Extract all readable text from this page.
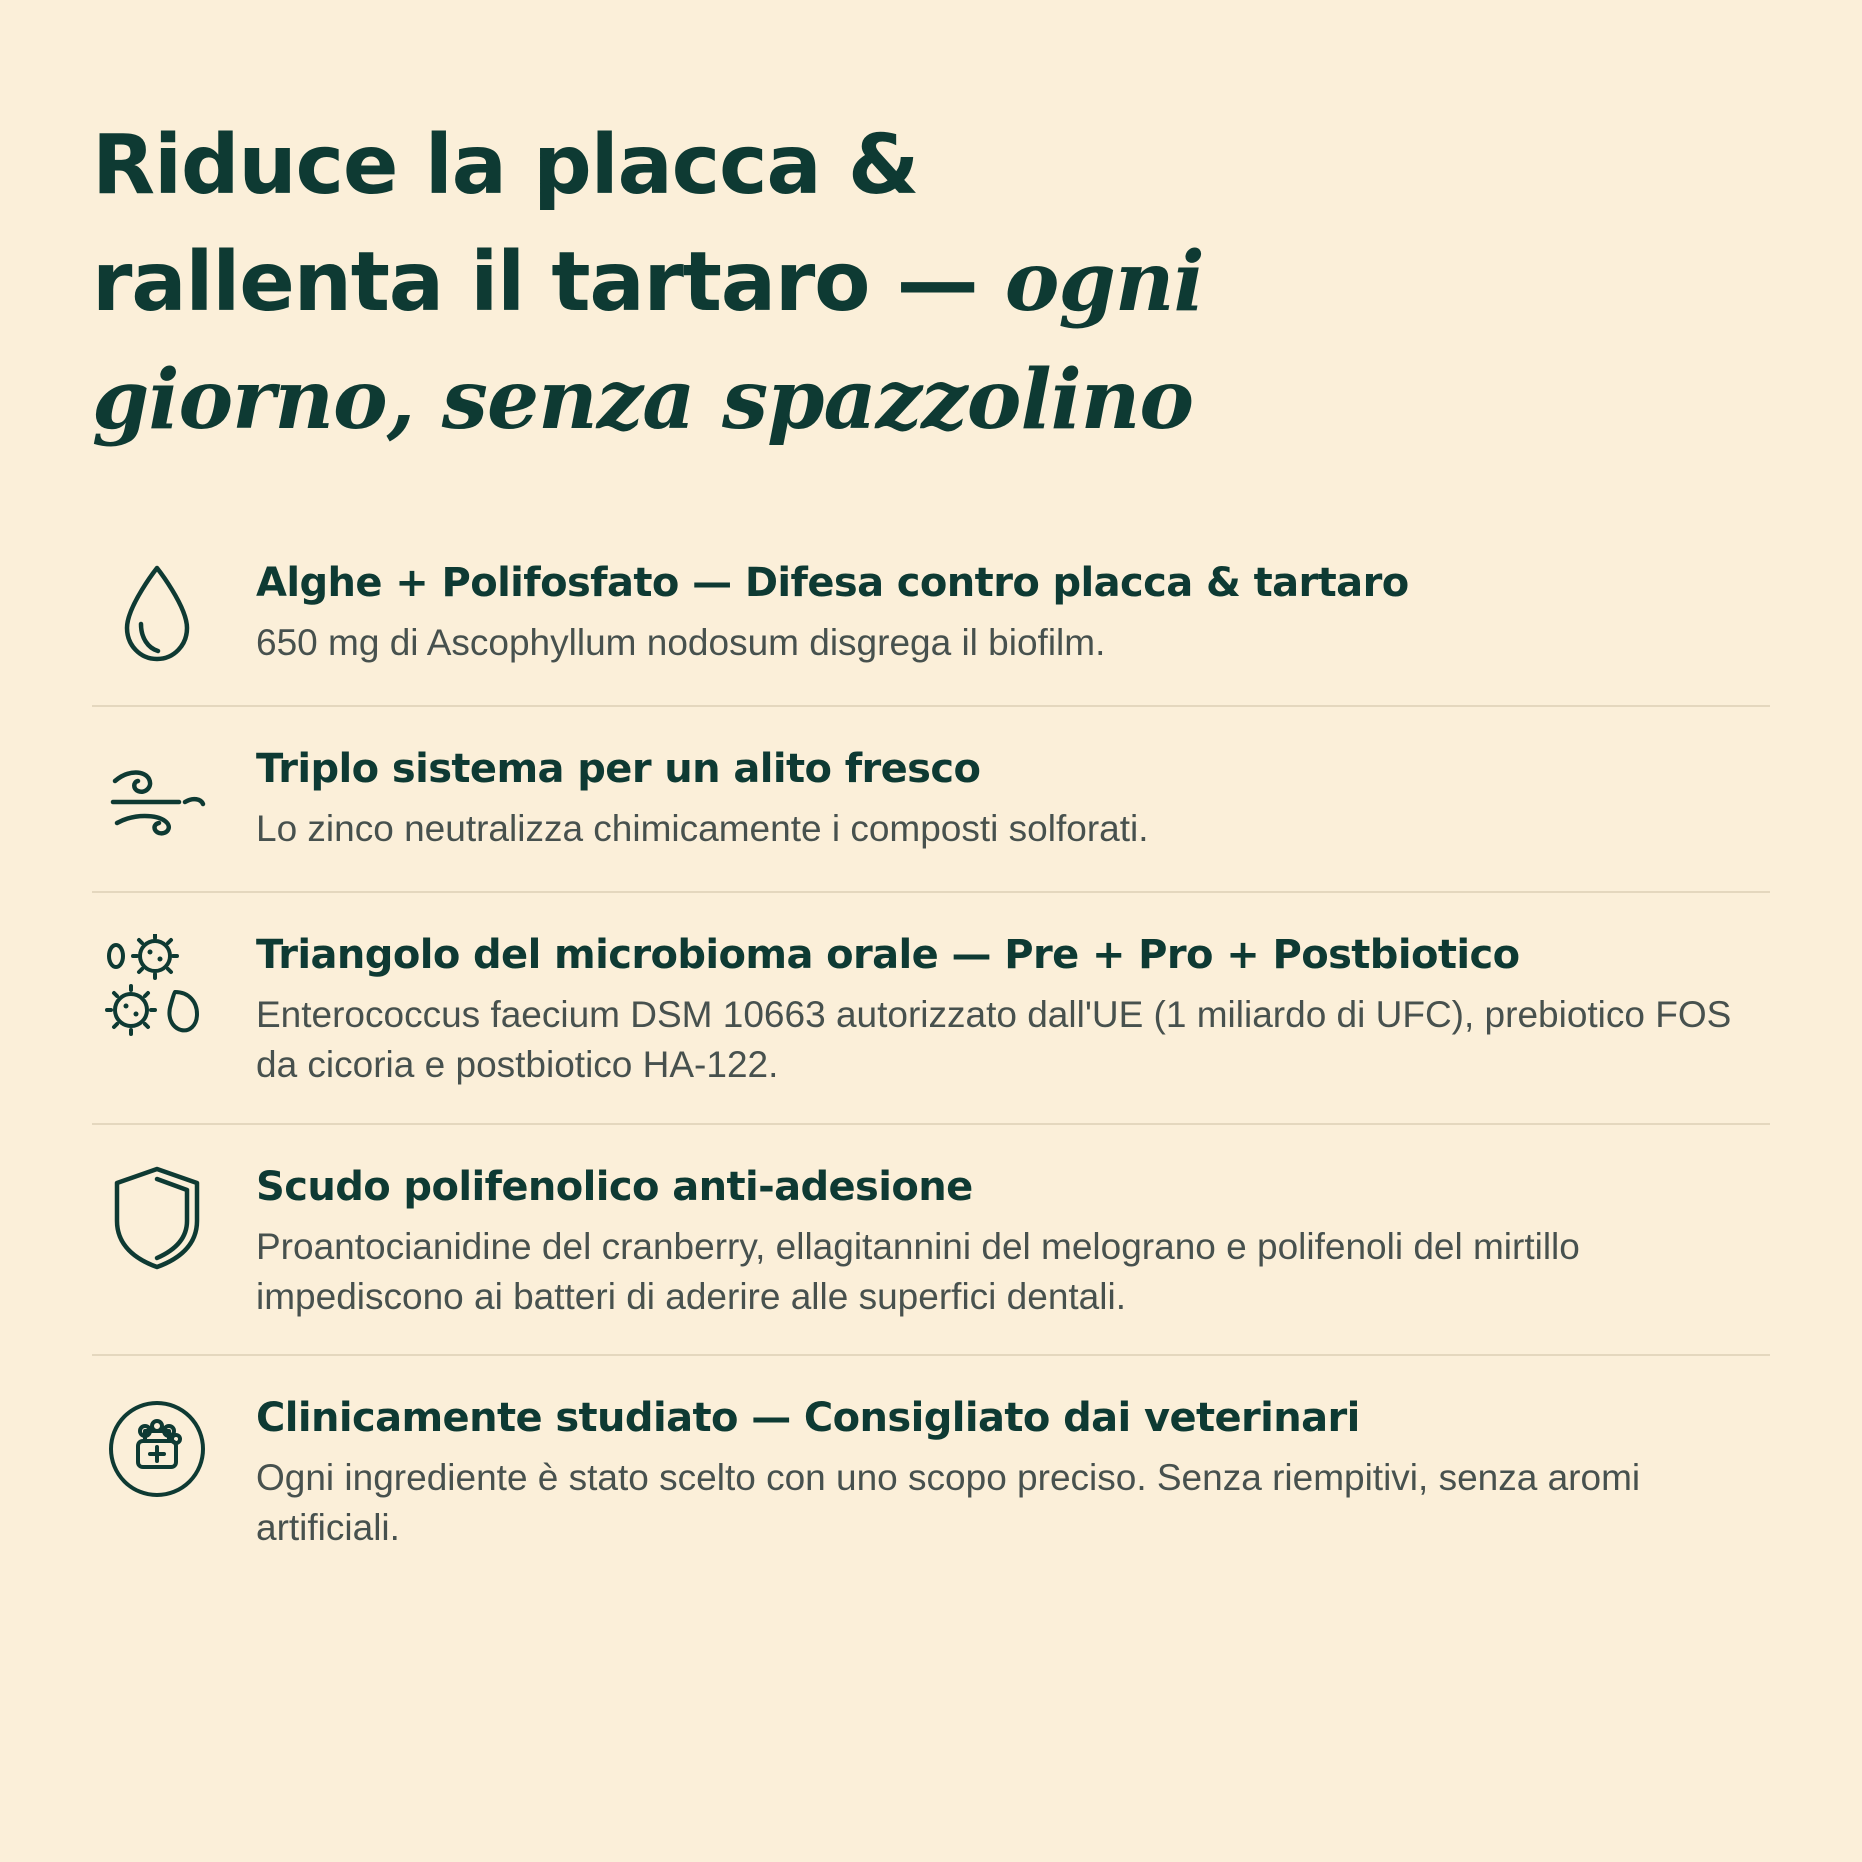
Riduce la placca &
rallenta il tartaro — ogni
giorno, senza spazzolino

Alghe + Polifosfato — Difesa contro placca & tartaro

650 mg di Ascophyllum nodosum disgrega il biofilm.

Triplo sistema per un alito fresco

Lo zinco neutralizza chimicamente i composti solforati.

Triangolo del microbioma orale — Pre + Pro + Postbiotico

Enterococcus faecium DSM 10663 autorizzato dall'UE (1 miliardo di UFC), prebiotico FOS da cicoria e postbiotico HA-122.

Scudo polifenolico anti-adesione

Proantocianidine del cranberry, ellagitannini del melograno e polifenoli del mirtillo impediscono ai batteri di aderire alle superfici dentali.

Clinicamente studiato — Consigliato dai veterinari

Ogni ingrediente è stato scelto con uno scopo preciso. Senza riempitivi, senza aromi artificiali.
